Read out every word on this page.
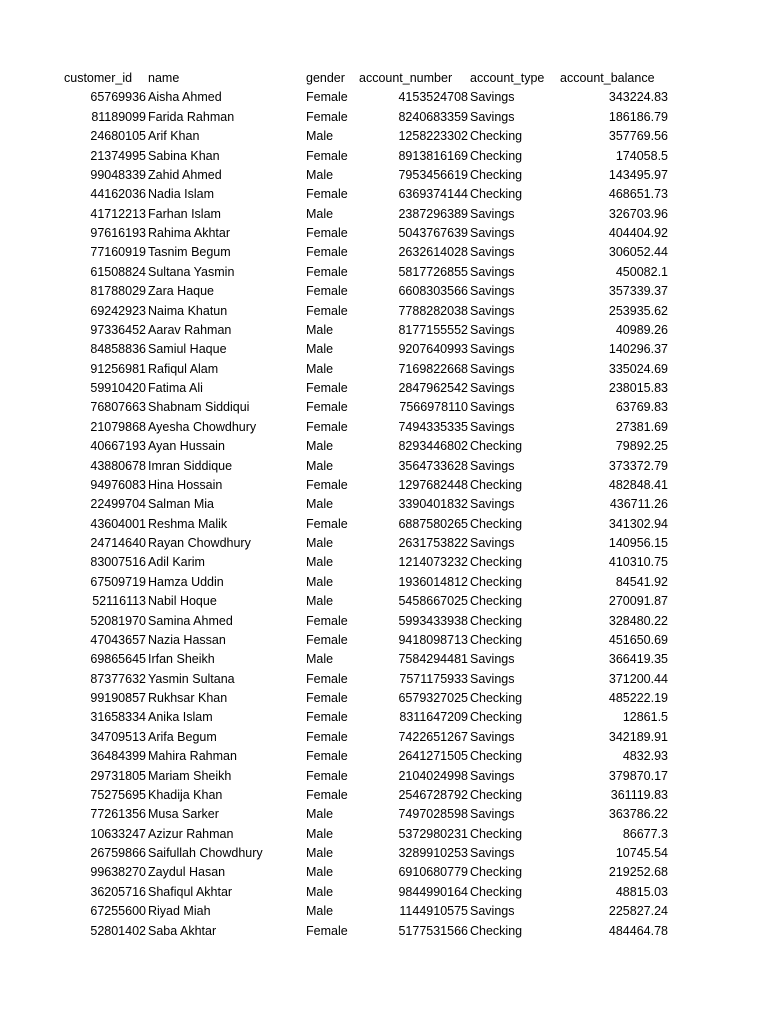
customer_id name	gender account_number account_type account_balance
65769936 Aisha Ahmed	Female	4153524708 Savings	343224.83
81189099 Farida Rahman	Female	8240683359 Savings	186186.79
24680105 Arif Khan	Male	1258223302 Checking	357769.56
21374995 Sabina Khan	Female	8913816169 Checking	174058.5
99048339 Zahid Ahmed	Male	7953456619 Checking	143495.97
44162036 Nadia Islam	Female	6369374144 Checking	468651.73
41712213 Farhan Islam	Male	2387296389 Savings	326703.96
97616193 Rahima Akhtar	Female	5043767639 Savings	404404.92
77160919 Tasnim Begum	Female	2632614028 Savings	306052.44
61508824 Sultana Yasmin	Female	5817726855 Savings	450082.1
81788029 Zara Haque	Female	6608303566 Savings	357339.37
69242923 Naima Khatun	Female	7788282038 Savings	253935.62
97336452 Aarav Rahman	Male	8177155552 Savings	40989.26
84858836 Samiul Haque	Male	9207640993 Savings	140296.37
91256981 Rafiqul Alam	Male	7169822668 Savings	335024.69
59910420 Fatima Ali	Female	2847962542 Savings	238015.83
76807663 Shabnam Siddiqui	Female	7566978110 Savings	63769.83
21079868 Ayesha Chowdhury	Female	7494335335 Savings	27381.69
40667193 Ayan Hussain	Male	8293446802 Checking	79892.25
43880678 Imran Siddique	Male	3564733628 Savings	373372.79
94976083 Hina Hossain	Female	1297682448 Checking	482848.41
22499704 Salman Mia	Male	3390401832 Savings	436711.26
43604001 Reshma Malik	Female	6887580265 Checking	341302.94
24714640 Rayan Chowdhury	Male	2631753822 Savings	140956.15
83007516 Adil Karim	Male	1214073232 Checking	410310.75
67509719 Hamza Uddin	Male	1936014812 Checking	84541.92
52116113 Nabil Hoque	Male	5458667025 Checking	270091.87
52081970 Samina Ahmed	Female	5993433938 Checking	328480.22
47043657 Nazia Hassan	Female	9418098713 Checking	451650.69
69865645 Irfan Sheikh	Male	7584294481 Savings	366419.35
87377632 Yasmin Sultana	Female	7571175933 Savings	371200.44
99190857 Rukhsar Khan	Female	6579327025 Checking	485222.19
31658334 Anika Islam	Female	8311647209 Checking	12861.5
34709513 Arifa Begum	Female	7422651267 Savings	342189.91
36484399 Mahira Rahman	Female	2641271505 Checking	4832.93
29731805 Mariam Sheikh	Female	2104024998 Savings	379870.17
75275695 Khadija Khan	Female	2546728792 Checking	361119.83
77261356 Musa Sarker	Male	7497028598 Savings	363786.22
10633247 Azizur Rahman	Male	5372980231 Checking	86677.3
26759866 Saifullah Chowdhury	Male	3289910253 Savings	10745.54
99638270 Zaydul Hasan	Male	6910680779 Checking	219252.68
36205716 Shafiqul Akhtar	Male	9844990164 Checking	48815.03
67255600 Riyad Miah	Male	1144910575 Savings	225827.24
52801402 Saba Akhtar	Female	5177531566 Checking	484464.78
